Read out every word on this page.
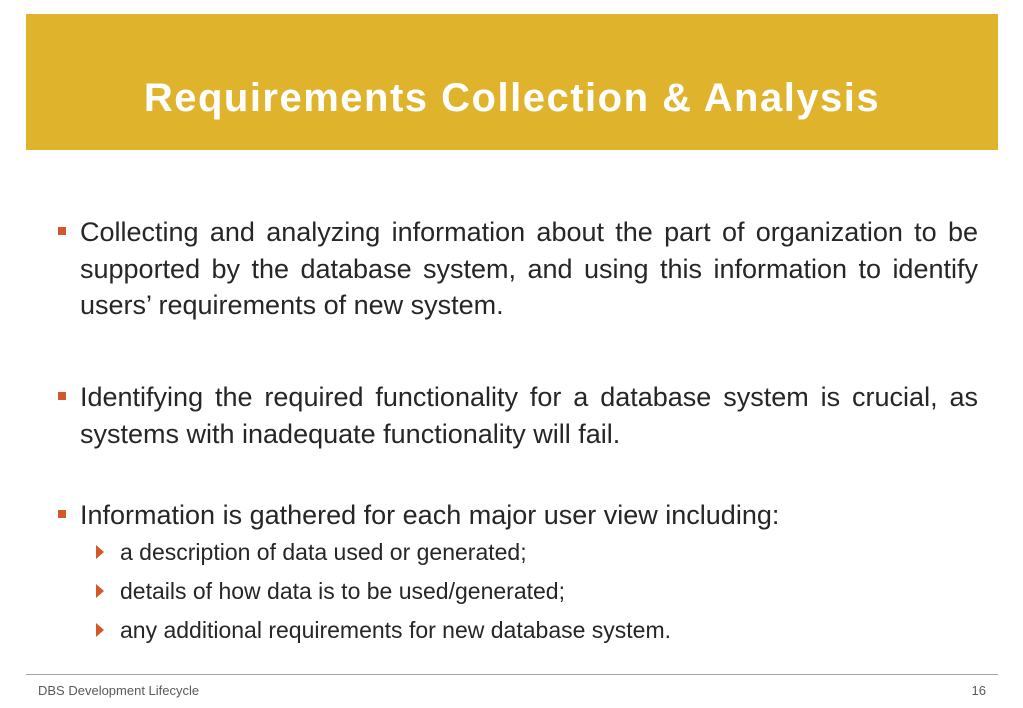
Requirements Collection & Analysis
Collecting and analyzing information about the part of organization to be supported by the database system, and using this information to identify users’ requirements of new system.
Identifying the required functionality for a database system is crucial, as systems with inadequate functionality will fail.
Information is gathered for each major user view including:
a description of data used or generated;
details of how data is to be used/generated;
any additional requirements for new database system.
DBS Development Lifecycle	16
